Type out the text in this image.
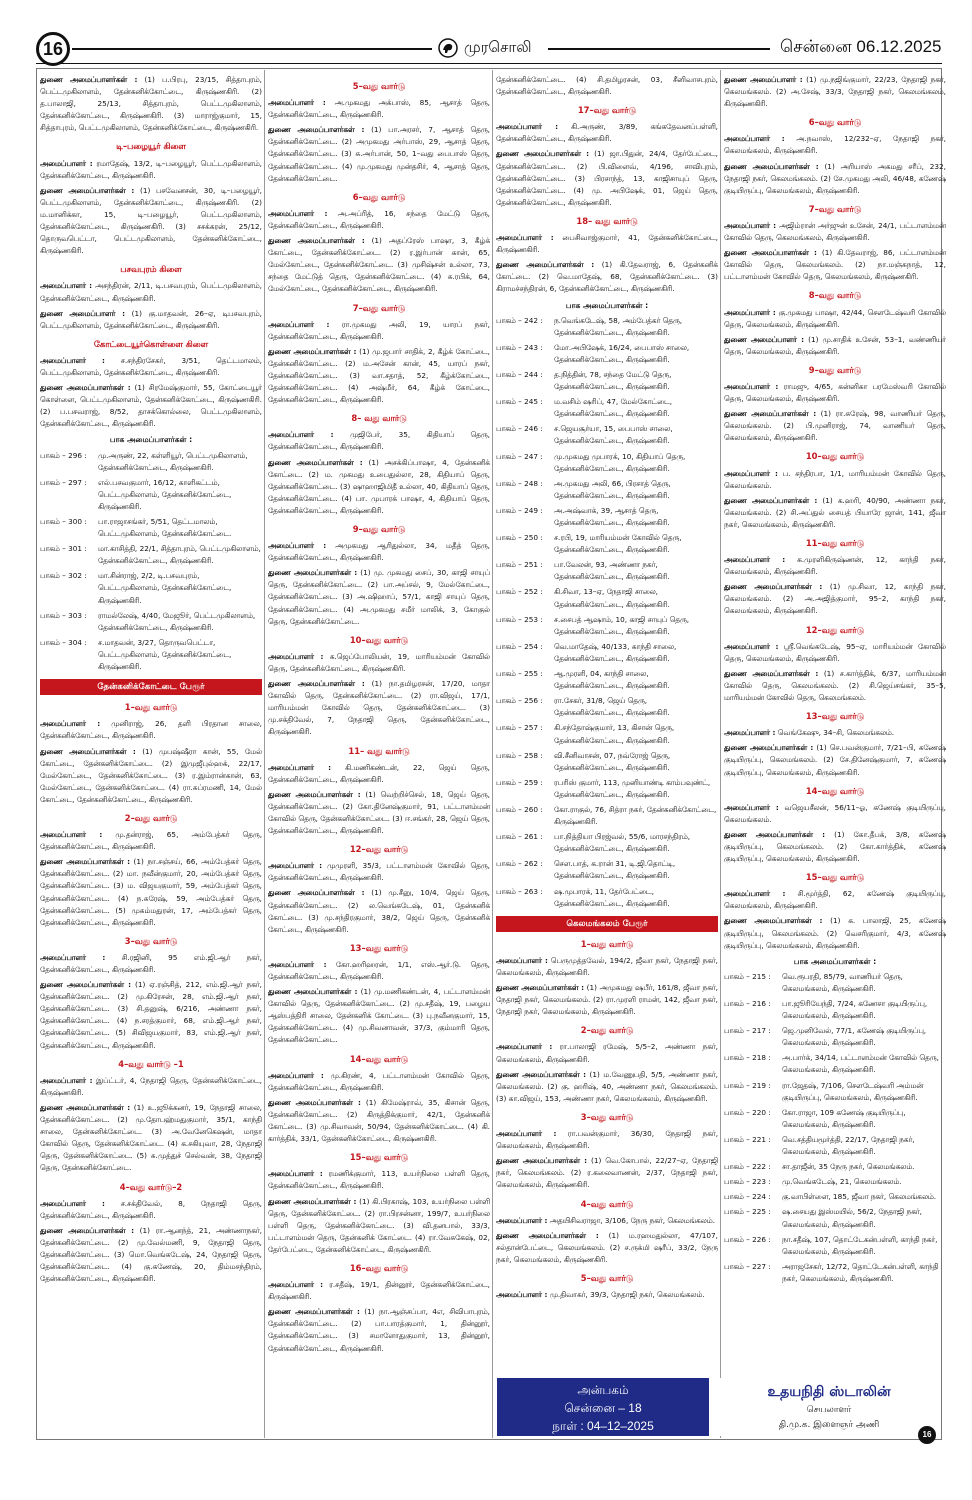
16	முரசொலி	சென்னை 06.12.2025
துணை அமைப்பாளர்கள் : (1) ப.பிரபு, 23/15, சித்தாபுரம், பெட்டமுகிலாளம், தேன்கனிக்கோட்டை, கிருஷ்ணகிரி. (2) த.பாலாஜி, 25/13, சித்தாபுரம், பெட்டமுகிலாளம், தேன்கனிக்கோட்டை, கிருஷ்ணகிரி. (3) மாராஜ்குமார், 15, சித்தாபுரம், பெட்டமுகிலாளம், தேன்கனிக்கோட்டை, கிருஷ்ணகிரி.
டி–பழையூர் கிளை
அமைப்பாளர் : ரமாதேஷ், 13/2, டி–பழையூர், பெட்டமுகிலாளம், தேன்கனிக்கோட்டை, கிருஷ்ணகிரி.
துணை அமைப்பாளர்கள் : (1) பசவேனசன், 30, டி–பழையூர், பெட்டமுகிலாளம், தேன்கனிக்கோட்டை, கிருஷ்ணகிரி. (2) ம.மானிக்கா, 15, டி–பழையூர், பெட்டமுகிலாளம், தேன்கனிக்கோட்டை, கிருஷ்ணகிரி. (3) சசக்கரன், 25/12, தொருவபெட்டா, பெட்டமுகிலாளம், தேன்கனிக்கோட்டை, கிருஷ்ணகிரி.
பசவபுரம் கிளை
அமைப்பாளர் : அசந்திரன், 2/11, டி.பசவபுரம், பெட்டமுகிலாளம், தேன்கனிக்கோட்டை, கிருஷ்ணகிரி.
துணை அமைப்பாளர் : (1) கு.மாதவன், 26–ஏ, டிபசவபுரம், பெட்டமுகிலாளம், தேன்கனிக்கோட்டை, கிருஷ்ணகிரி.
கோட்டையூர்கொள்ளை கிளை
அமைப்பாளர் : ச.சந்திரசேகர், 3/51, தெட்டமாலம், பெட்டமுகிலாளம், தேன்கனிக்கோட்டை, கிருஷ்ணகிரி.
துணை அமைப்பாளர்கள் : (1) சிரமேஷ்குமார், 55, கோட்டையூர் கொள்ளை, பெட்டமுகிலாளம், தேன்கனிக்கோட்டை, கிருஷ்ணகிரி. (2) ப.பசவராஜ், 8/52, தாசக்கொல்லை, பெட்டமுகிலாளம், தேன்கனிக்கோட்டை, கிருஷ்ணகிரி.
பாக அமைப்பாளர்கள் :
பாகம் – 296 :	மு.அருண், 22, கள்ளியூர், பெட்டமுகிலாளம், தேன்கனிக்கோட்டை, கிருஷ்ணகிரி.
பாகம் – 297 :	எல்.பசவகுமார், 16/12, காளிகட்டம், பெட்டமுகிலாளம், தேன்கனிக்கோட்டை, கிருஷ்ணகிரி.
பாகம் – 300 :	பா.ராஜாசங்கர், 5/51, தெட்டமாலம், பெட்டமுகிலாளம், தேன்கனிக்கோட்டை.
பாகம் – 301 :	மா.காசித்தி, 22/1, சித்தாபுரம், பெட்டமுகிலாளம், தேன்கனிக்கோட்டை, கிருஷ்ணகிரி.
பாகம் – 302 :	மா.சின்ராஜ், 2/2, டி.பசவபுரம், பெட்டமுகிலாளம், தேன்கனிக்கோட்டை, கிருஷ்ணகிரி.
பாகம் – 303 :	ராமல்லேஷ், 4/40, மேஜூர், பெட்டமுகிலாளம், தேன்கனிக்கோட்டை, கிருஷ்ணகிரி.
பாகம் – 304 :	ச.மாதவன், 3/27, தொருவபெட்டா, பெட்டமுகிலாளம், தேன்கனிக்கோட்டை, கிருஷ்ணகிரி.
தேன்கனிக்கோட்டை பேரூர்
1–வது வார்டு
அமைப்பாளர் : முனிராஜ், 26, தளி பிரதான சாலை, தேன்கனிக்கோட்டை, கிருஷ்ணகிரி.
துணை அமைப்பாளர்கள் : (1) முபஷ்ஷீரா கான், 55, மேல் கோட்டை, தேன்கனிக்கோட்டை. (2) இமுஜீபுல்ஹக், 22/17, மேல்கோட்டை, தேன்கனிக்கோட்டை. (3) ர.இம்ரான்கான், 63, மேல்கோட்டை, தேன்கனிக்கோட்டை. (4) ரா.சுப்ரமணி, 14, மேல் கோட்டை, தேன்கனிக்கோட்டை, கிருஷ்ணகிரி.
2–வது வார்டு
அமைப்பாளர் : மு.தன்ராஜ், 65, அம்பேத்கர் தெரு, தேன்கனிக்கோட்டை, கிருஷ்ணகிரி.
துணை அமைப்பாளர்கள் : (1) நா.சஞ்சய், 66, அம்பேத்கர் தெரு, தேன்கனிக்கோட்டை. (2) மா. நவீன்குமார், 20, அம்பேத்கர் தெரு, தேன்கனிக்கோட்டை. (3) ம. விஜயகுமார், 59, அம்பேத்கர் தெரு, தேன்கனிக்கோட்டை. (4) ந.சுரேஷ், 59, அம்பேத்கர் தெரு, தேன்கனிக்கோட்டை. (5) முகம்மதுரன், 17, அம்பேத்கர் தெரு, தேன்கனிக்கோட்டை, கிருஷ்ணகிரி.
3–வது வார்டு
அமைப்பாளர் : சி.ரஜினி, 95 எம்.ஜி.ஆர் நகர், தேன்கனிக்கோட்டை, கிருஷ்ணகிரி.
துணை அமைப்பாளர்கள் : (1) ஏ.ரஞ்சித், 212, எம்.ஜி.ஆர் நகர், தேன்கனிக்கோட்டை. (2) மு.கிரேசன், 28, எம்.ஜி.ஆர் நகர், தேன்கனிக்கோட்டை. (3) சி.தனுஷ், 6/216, அண்ணா நகர், தேன்கனிக்கோட்டை. (4) ந.சரத்குமார், 68, எம்.ஜி.ஆர் நகர், தேன்கனிக்கோட்டை. (5) சிவிஜயகுமார், 83, எம்.ஜி.ஆர் நகர், தேன்கனிக்கோட்டை, கிருஷ்ணகிரி.
4–வது வார்டு –1
அமைப்பாளர் : இப்ட்டர், 4, நேதாஜி தெரு, தேன்கனிக்கோட்டை, கிருஷ்ணகிரி.
துணை அமைப்பாளர்கள் : (1) உ.ஜூக்கனர், 19, நேதாஜி சாலை, தேன்கனிக்கோட்டை. (2) மு.தோபஹ்மதுகுமார், 35/1, காந்தி சாலை, தேன்கனிக்கோட்டை. (3) அ.வேனேகெஷன், மாதா கோவில் தெரு, தேன்கனிக்கோட்டை. (4) க.சகியுவா, 28, நேதாஜி தெரு, தேன்கனிக்கோட்டை. (5) சு.முத்துச் செல்வன், 38, நேதாஜி தெரு, தேன்கனிக்கோட்டை.
4–வது வார்டு–2
அமைப்பாளர் : ச.சக்திவேல், 8, நேதாஜி தெரு, தேன்கனிக்கோட்டை, கிருஷ்ணகிரி.
துணை அமைப்பாளர்கள் : (1) ரா.ஆனந்த், 21, அண்ணாநகர், தேன்கனிக்கோட்டை. (2) மு.வேல்மணி, 9, நேதாஜி தெரு, தேன்கனிக்கோட்டை. (3) மொ.வெங்கடேஷ், 24, நேதாஜி தெரு, தேன்கனிக்கோட்டை. (4) கு.கணேஷ், 20, திம்மசந்திரம், தேன்கனிக்கோட்டை, கிருஷ்ணகிரி.
5–வது வார்டு
அமைப்பாளர் : அ.முகமது அக்பாஸ், 85, ஆசாத் தெரு, தேன்கனிக்கோட்டை, கிருஷ்ணகிரி.
துணை அமைப்பாளர்கள் : (1) பா.அரசர், 7, ஆசாத் தெரு, தேன்கனிக்கோட்டை. (2) அமுகமது அர்பாஸ், 29, ஆசாத் தெரு, தேன்கனிக்கோட்டை. (3) சு.அர்பான், 50, 1–வது பைபாஸ் தெரு, தேன்கனிக்கோட்டை. (4) மு.முகமது முன்தசிர், 4, ஆசாத் தெரு, தேன்கனிக்கோட்டை.
6–வது வார்டு
அமைப்பாளர் : அ.அப்ரித், 16, சந்தை மேட்டு தெரு, தேன்கனிக்கோட்டை, கிருஷ்ணகிரி.
துணை அமைப்பாளர்கள் : (1) அதப்ரேஸ் பாஷா, 3, கீழ்க் கோட்டை, தேன்கனிக்கோட்டை. (2) ர.இர்பான் கான், 65, மேல்கோட்டை, தேன்கனிக்கோட்டை. (3) முசிஷ்சன் உல்லா, 73, சந்தை மேட்டுத் தெரு, தேன்கனிக்கோட்டை. (4) சு.ரபிக், 64, மேல்கோட்டை, தேன்கனிக்கோட்டை, கிருஷ்ணகிரி.
7–வது வார்டு
அமைப்பாளர் : ரா.முகமது அலி, 19, யாரப் நகர், தேன்கனிக்கோட்டை, கிருஷ்ணகிரி.
துணை அமைப்பாளர்கள் : (1) மு.ஜபார் சாதிக், 2, கீழ்க் கோட்டை, தேன்கனிக்கோட்டை. (2) ம.அசேன் கான், 45, யாரப் நகர், தேன்கனிக்கோட்டை. (3) வா.சதாத், 52, கீழ்க்கோட்டை, தேன்கனிக்கோட்டை. (4) அஷ்மீர், 64, கீழ்க் கோட்டை, தேன்கனிக்கோட்டை, கிருஷ்ணகிரி.
8– வது வார்டு
அமைப்பாளர் : முஜிபேர், 35, கிதியாப் தெரு, தேன்கனிக்கோட்டை, கிருஷ்ணகிரி.
துணை அமைப்பாளர்கள் : (1) அசக்கிப்பாஷா, 4, தேன்கனிக் கோட்டை. (2) ம. முகமது உபைதுல்லா, 28, கிதியாப் தெரு, தேன்கனிக்கோட்டை. (3) ஷாஹாஜிமிதீ உல்லா, 40, கிதியாப் தெரு, தேன்கனிக்கோட்டை. (4) பா. முபாரக் பாஷா, 4, கிதியாப் தெரு, தேன்கனிக்கோட்டை, கிருஷ்ணகிரி.
9–வது வார்டு
அமைப்பாளர் : அமுகமது ஆரிதுல்லா, 34, மதீத் தெரு, தேன்கனிக்கோட்டை, கிருஷ்ணகிரி.
துணை அமைப்பாளர்கள் : (1) மு. முகமது சைப், 30, காஜி சாயுப் தெரு, தேன்கனிக்கோட்டை. (2) பா.அப்சல், 9, மேல்கோட்டை, தேன்கனிக்கோட்டை. (3) அ.ஷிஹாப், 57/1, காஜி சாயுப் தெரு, தேன்கனிக்கோட்டை. (4) அ.முகமது சமீர் மாலிக், 3, கோகுல் தெரு, தேன்கனிக்கோட்டை.
10–வது வார்டு
அமைப்பாளர் : க.ஜெப்போலியன், 19, மாரியம்மன் கோவில் தெரு, தேன்கனிக்கோட்டை, கிருஷ்ணகிரி.
துணை அமைப்பாளர்கள் : (1) நா.தமிழரசன், 17/20, மாதா கோவில் தெரு, தேன்கனிக்கோட்டை. (2) ரா.விஜய், 17/1, மாரியம்மன் கோவில் தெரு, தேன்கனிக்கோட்டை. (3) மு.சக்திவேல், 7, நேதாஜி தெரு, தேன்கனிக்கோட்டை, கிருஷ்ணகிரி.
11– வது வார்டு
அமைப்பாளர் : கி.மணிகண்டன், 22, ஜெய் தெரு, தேன்கனிக்கோட்டை, கிருஷ்ணகிரி.
துணை அமைப்பாளர்கள் : (1) வெற்றிச்செல், 18, ஜெய் தெரு, தேன்கனிக்கோட்டை. (2) கோ.தினேஷ்குமார், 91, பட்டாளம்மன் கோவில் தெரு, தேன்கனிக்கோட்டை. (3) ஈ.சங்கர், 28, ஜெய் தெரு, தேன்கனிக்கோட்டை, கிருஷ்ணகிரி.
12–வது வார்டு
அமைப்பாளர் : முமுரளி, 35/3, பட்டாளம்மன் கோவில் தெரு, தேன்கனிக்கோட்டை, கிருஷ்ணகிரி.
துணை அமைப்பாளர்கள் : (1) மு.சீனு, 10/4, ஜெய் தெரு, தேன்கனிக்கோட்டை. (2) ல.வெங்கடேஷ், 01, தேன்கனிக் கோட்டை. (3) மு.சந்திரகுமார், 38/2, ஜெய் தெரு, தேன்கனிக் கோட்டை, கிருஷ்ணகிரி.
13–வது வார்டு
அமைப்பாளர் : கோ.ஹரிஹரன், 1/1, எஸ்.ஆர்.டு. தெரு, தேன்கனிக்கோட்டை, கிருஷ்ணகிரி.
துணை அமைப்பாளர்கள் : (1) மு.மணிகண்டன், 4, பட்டாளம்மன் கோவில் தெரு, தேன்கனிக்கோட்டை. (2) மு.சதீஷ், 19, பழைய ஆஸ்பத்திரி சாலை, தேன்கனிக் கோட்டை. (3) பு.நவீனகுமார், 15, தேன்கனிக்கோட்டை. (4) மு.சிவனாவன், 37/3, கும்மாரி தெரு, தேன்கனிக்கோட்டை.
14–வது வார்டு
அமைப்பாளர் : மு.கிரண், 4, பட்டாளம்மன் கோவில் தெரு, தேன்கனிக்கோட்டை, கிருஷ்ணகிரி.
துணை அமைப்பாளர்கள் : (1) கிமேஷ்ராவ், 35, கிசான் தெரு, தேன்கனிக்கோட்டை. (2) கிருத்திக்குமார், 42/1, தேன்கனிக் கோட்டை. (3) மு.சிவாவன், 50/94, தேன்கனிக்கோட்டை. (4) கி. கார்த்திக், 33/1, தேன்கனிக்கோட்டை, கிருஷ்ணகிரி.
15–வது வார்டு
அமைப்பாளர் : ரமணிக்குமார், 113, உயர்நிலை பள்ளி தெரு, தேன்கனிக்கோட்டை, கிருஷ்ணகிரி.
துணை அமைப்பாளர்கள் : (1) கி.பிரகாஷ், 103, உயர்நிலை பள்ளி தெரு, தேன்கனிக்கோட்டை. (2) ரா.பிரசன்னா, 199/7, உயர்நிலை பள்ளி தெரு, தேன்கனிக்கோட்டை. (3) வி.தனபால், 33/3, பட்டாளம்மன் தெரு, தேன்கனிக் கோட்டை. (4) ரா.வேசுகேஷ், 02, தேர்பேட்டை, தேன்கனிக்கோட்டை, கிருஷ்ணகிரி.
16–வது வார்டு
அமைப்பாளர் : ர.சதீஷ், 19/1, தின்னூர், தேன்கனிக்கோட்டை, கிருஷ்ணகிரி.
துணை அமைப்பாளர்கள் : (1) நா.ஆஞ்சப்பா, 4எ, சிவிபாபுரம், தேன்கனிக்கோட்டை. (2) பா.பாரத்குமார், 1, தின்னூர், தேன்கனிக்கோட்டை. (3) சமாளோதுகுமார், 13, தின்னூர், தேன்கனிக்கோட்டை, கிருஷ்ணகிரி.
தேன்கனிக்கோட்டை. (4) சி.தமிழரசன், 03, சீனிவாசபுரம், தேன்கனிக்கோட்டை, கிருஷ்ணகிரி.
17–வது வார்டு
அமைப்பாளர் : கி.அருண், 3/89, கங்கதேவனப்பள்ளி, தேன்கனிக்கோட்டை, கிருஷ்ணகிரி.
துணை அமைப்பாளர்கள் : (1) ஜா.பிதுன், 24/4, தேர்பேட்டை, தேன்கனிக்கோட்டை. (2) பி.விளைவ், 4/196, சாவிபுரம், தேன்கனிக்கோட்டை. (3) பிரசாந்த், 13, காஜிசாயுப் தெரு, தேன்கனிக்கோட்டை. (4) மு. அபிஷேக், 01, ஜெய் தெரு, தேன்கனிக்கோட்டை, கிருஷ்ணகிரி.
18– வது வார்டு
அமைப்பாளர் : பைசிவாஜ்குமார், 41, தேன்கனிக்கோட்டை, கிருஷ்ணகிரி.
துணை அமைப்பாளர்கள் : (1) கி.தேவராஜ், 6, தேன்கனிக் கோட்டை. (2) வெ.மாதேஷ், 68, தேன்கனிக்கோட்டை. (3) கிராமச்சந்திரன், 6, தேன்கனிக்கோட்டை, கிருஷ்ணகிரி.
பாக அமைப்பாளர்கள் :
பாகம் – 242 :	ந.வெங்கடேஷ், 58, அம்பேத்கர் தெரு, தேன்கனிக்கோட்டை, கிருஷ்ணகிரி.
பாகம் – 243 :	மோ.அபிஷேக், 16/24, பைபாஸ் சாலை, தேன்கனிக்கோட்டை, கிருஷ்ணகிரி.
பாகம் – 244 :	த.நித்தின், 78, சந்தை மேட்டு தெரு, தேன்கனிக்கோட்டை, கிருஷ்ணகிரி.
பாகம் – 245 :	ம.வசிம் ஷரிப், 47, மேல்கோட்டை, தேன்கனிக்கோட்டை, கிருஷ்ணகிரி.
பாகம் – 246 :	ச.ஜெயசூர்யா, 15, பைபாஸ் சாலை, தேன்கனிக்கோட்டை, கிருஷ்ணகிரி.
பாகம் – 247 :	மு.முகமது முபாரக், 10, கிதியாப் தெரு, தேன்கனிக்கோட்டை, கிருஷ்ணகிரி.
பாகம் – 248 :	அ.முகமது அலி, 66, பிரசாத் தெரு, தேன்கனிக்கோட்டை, கிருஷ்ணகிரி.
பாகம் – 249 :	அ.அஷ்வாக், 39, ஆசாத் தெரு, தேன்கனிக்கோட்டை, கிருஷ்ணகிரி.
பாகம் – 250 :	ச.ரபி, 19, மாரியம்மன் கோவில் தெரு, தேன்கனிக்கோட்டை, கிருஷ்ணகிரி.
பாகம் – 251 :	பா.வேலன், 93, அண்ணா நகர், தேன்கனிக்கோட்டை, கிருஷ்ணகிரி.
பாகம் – 252 :	கி.சிவா, 13–ஏ, நேதாஜி சாலை, தேன்கனிக்கோட்டை, கிருஷ்ணகிரி.
பாகம் – 253 :	ச.சைபத் ஆஷாம், 10, காஜி சாயுப் தெரு, தேன்கனிக்கோட்டை, கிருஷ்ணகிரி.
பாகம் – 254 :	வெ.மாதேஷ், 40/133, காந்தி சாலை, தேன்கனிக்கோட்டை, கிருஷ்ணகிரி.
பாகம் – 255 :	ஆ.முரளி, 04, காந்தி சாலை, தேன்கனிக்கோட்டை, கிருஷ்ணகிரி.
பாகம் – 256 :	ரா.சேகர், 31/8, ஜெய் தெரு, தேன்கனிக்கோட்டை, கிருஷ்ணகிரி.
பாகம் – 257 :	கி.சந்தோஷ்குமார், 13, கிசான் தெரு, தேன்கனிக்கோட்டை, கிருஷ்ணகிரி.
பாகம் – 258 :	வி.சீனிவாசன், 07, நவ்ரோஜ் தெரு, தேன்கனிக்கோட்டை, கிருஷ்ணகிரி.
பாகம் – 259 :	ரபரிஸ் குமார், 113, முனியாண்டி காம்பவுண்ட், தேன்கனிக்கோட்டை, கிருஷ்ணகிரி.
பாகம் – 260 :	கோ.ராகுல், 76, சித்ரா நகர், தேன்கனிக்கோட்டை, கிருஷ்ணகிரி.
பாகம் – 261 :	பா.நித்தியா பிரஜ்வல், 55/6, மாரசந்திரம், தேன்கனிக்கோட்டை, கிருஷ்ணகிரி.
பாகம் – 262 :	சௌ.பாத், க.ரான் 31, டி.ஜி.தொட்டி, தேன்கனிக்கோட்டை, கிருஷ்ணகிரி.
பாகம் – 263 :	ஷ.முபாரக், 11, தேர்பேட்டை, தேன்கனிக்கோட்டை, கிருஷ்ணகிரி.
கெலமங்கலம் பேரூர்
1–வது வார்டு
அமைப்பாளர் : பெருமுத்தவேல், 194/2, ஜீவா நகர், நேதாஜி நகர், கெலமங்கலம், கிருஷ்ணகிரி.
துணை அமைப்பாளர்கள் : (1) அமுகமது ஷபீர், 161/8, ஜீவா நகர், நேதாஜி நகர், கெலமங்கலம். (2) ரா.முரளி ராமன், 142, ஜீவா நகர், நேதாஜி நகர், கெலமங்கலம், கிருஷ்ணகிரி.
2–வது வார்டு
அமைப்பாளர் : ரா.பாலாஜி ரமேஷ், 5/5–2, அண்ணா நகர், கெலமங்கலம், கிருஷ்ணகிரி.
துணை அமைப்பாளர்கள் : (1) ம.வேணுபதி, 5/5, அண்ணா நகர், கெலமங்கலம். (2) கு. ஹரிஷ், 40, அண்ணா நகர், கெலமங்கலம். (3) கா.விஜய், 153, அண்ணா நகர், கெலமங்கலம், கிருஷ்ணகிரி.
3–வது வார்டு
அமைப்பாளர் : ரா.பவன்குமார், 36/30, நேதாஜி நகர், கெலமங்கலம், கிருஷ்ணகிரி.
துணை அமைப்பாளர்கள் : (1) வெ.கோபால், 22/27–ஏ, நேதாஜி நகர், கெலமங்கலம். (2) ர.கலைவாணன், 2/37, நேதாஜி நகர், கெலமங்கலம், கிருஷ்ணகிரி.
4–வது வார்டு
அமைப்பாளர் : அதயிசிவராஜா, 3/106, நேரு நகர், கெலமங்கலம்.
துணை அமைப்பாளர்கள் : (1) ம.ரஹமதுல்லா, 47/107, சல்தான்பேட்டை, கெலமங்கலம். (2) ச.ருக்மி ஷரீப், 33/2, நேரு நகர், கெலமங்கலம், கிருஷ்ணகிரி.
5–வது வார்டு
அமைப்பாளர் : மு.திவாகர், 39/3, நேதாஜி நகர், கெலமங்கலம்.
துணை அமைப்பாளர் : (1) மு.நஜிங்குமார், 22/23, நேதாஜி நகர், கெலமங்கலம். (2) அ.சேஷ், 33/3, நேதாஜி நகர், கெலமங்கலம், கிருஷ்ணகிரி.
6–வது வார்டு
அமைப்பாளர் : அ.நவாஸ், 12/232–ஏ, நேதாஜி நகர், கெலமங்கலம், கிருஷ்ணகிரி.
துணை அமைப்பாளர்கள் : (1) அரியாஸ் அகமது சரீப், 232, நேதாஜி நகர், கெலமங்கலம். (2) சே.முகமது அலி, 46/48, கணேஷ் குடியிருப்பு, கெலமங்கலம், கிருஷ்ணகிரி.
7–வது வார்டு
அமைப்பாளர் : அஜிம்ரான் அர்ஜுன் உசேன், 24/1, பட்டாளம்மன் கோவில் தெரு, கெலமங்கலம், கிருஷ்ணகிரி.
துணை அமைப்பாளர்கள் : (1) கி.தேவராஜ், 86, பட்டாளம்மன் கோவில் தெரு, கெலமங்கலம். (2) நா.மஞ்சுநாத், 12, பட்டாளம்மன் கோவில் தெரு, கெலமங்கலம், கிருஷ்ணகிரி.
8–வது வார்டு
அமைப்பாளர் : கு.முகமது பாஷா, 42/44, சௌடேஷ்வரி கோவில் தெரு, கெலமங்கலம், கிருஷ்ணகிரி.
துணை அமைப்பாளர் : (1) மு.சாதிக் உசேன், 53–1, வண்ணியர் தெரு, கெலமங்கலம், கிருஷ்ணகிரி.
9–வது வார்டு
அமைப்பாளர் : ராமஜு, 4/65, கன்னிகா பரமேஸ்வரி கோவில் தெரு, கெலமங்கலம், கிருஷ்ணகிரி.
துணை அமைப்பாளர்கள் : (1) ரா.சுரேஷ், 98, வாணியர் தெரு, கெலமங்கலம். (2) பி.முனிராஜ், 74, வாணியர் தெரு, கெலமங்கலம், கிருஷ்ணகிரி.
10–வது வார்டு
அமைப்பாளர் : ப. சந்திரபா, 1/1, மாரியம்மன் கோவில் தெரு, கெலமங்கலம்.
துணை அமைப்பாளர்கள் : (1) க.ஹரி, 40/90, அண்ணா நகர், கெலமங்கலம். (2) சி.அப்துல் சையத் பியாரே ஜான், 141, ஜீவா நகர், கெலமங்கலம், கிருஷ்ணகிரி.
11–வது வார்டு
அமைப்பாளர் : க.முரளிகிருஷ்ணன், 12, காந்தி நகர், கெலமங்கலம், கிருஷ்ணகிரி.
துணை அமைப்பாளர்கள் : (1) மு.சிவா, 12, காந்தி நகர், கெலமங்கலம். (2) அ.அஜித்குமார், 95–2, காந்தி நகர், கெலமங்கலம், கிருஷ்ணகிரி.
12–வது வார்டு
அமைப்பாளர் : ஸ்ரீ.வெங்கடேஷ், 95–ஏ, மாரியம்மன் கோவில் தெரு, கெலமங்கலம், கிருஷ்ணகிரி.
துணை அமைப்பாளர்கள் : (1) ச.கார்த்திக், 6/37, மாரியம்மன் கோவில் தெரு, கெலமங்கலம். (2) சி.ஜெய்சங்கர், 35–5, மாரியம்மன் கோவில் தெரு, கெலமங்கலம்.
13–வது வார்டு
அமைப்பாளர் : வெங்கேஷு, 34–சி, கெலமங்கலம்.
துணை அமைப்பாளர்கள் : (1) செ.பவன்குமார், 7/21–பி, கணேஷ் குடியிருப்பு, கெலமங்கலம். (2) சே.தினேஷ்குமார், 7, கணேஷ் குடியிருப்பு, கெலமங்கலம், கிருஷ்ணகிரி.
14–வது வார்டு
அமைப்பாளர் : வஜெயசீலன், 56/11–ஓ, கணேஷ் குடியிருப்பு, கெலமங்கலம்.
துணை அமைப்பாளர்கள் : (1) கோ.தீபக், 3/8, கணேஷ் குடியிருப்பு, கெலமங்கலம். (2) கோ.கார்த்திக், கணேஷ் குடியிருப்பு, கெலமங்கலம், கிருஷ்ணகிரி.
15–வது வார்டு
அமைப்பாளர் : சி.மூர்த்தி, 62, கணேஷ் குடியிருப்பு, கெலமங்கலம், கிருஷ்ணகிரி.
துணை அமைப்பாளர்கள் : (1) க. பாலாஜி, 25, கணேஷ் குடியிருப்பு, கெலமங்கலம். (2) வெசரிகுமார், 4/3, கணேஷ் குடியிருப்பு, கெலமங்கலம், கிருஷ்ணகிரி.
பாக அமைப்பாளர்கள் :
பாகம் – 215 :	வெ.ரூபரதி, 85/79, வாணியர் தெரு, கெலமங்கலம், கிருஷ்ணகிரி.
பாகம் – 216 :	பா.ஜூரியேந்தி, 7/24, கணேசா குடியிருப்பு, கெலமங்கலம், கிருஷ்ணகிரி.
பாகம் – 217 :	ஜெ.முனிவேல், 77/1, கணேஷ் குடியிருப்பு, கெலமங்கலம், கிருஷ்ணகிரி.
பாகம் – 218 :	அ.பார்க், 34/14, பட்டாளம்மன் கோவில் தெரு, கெலமங்கலம், கிருஷ்ணகிரி.
பாகம் – 219 :	ரா.ஜேதஷ், 7/106, சௌடேஷ்வரி அம்மன் குடியிருப்பு, கெலமங்கலம், கிருஷ்ணகிரி.
பாகம் – 220 :	கோ.ராஜா, 109 கணேஷ் குடியிருப்பு, கெலமங்கலம், கிருஷ்ணகிரி.
பாகம் – 221 :	வெ.சத்தியமூர்த்தி, 22/17, நேதாஜி நகர், கெலமங்கலம், கிருஷ்ணகிரி.
பாகம் – 222 :	சா.தாஜீன், 35 நேரு நகர், கெலமங்கலம்.
பாகம் – 223 :	மு.வெங்கடேஷ், 21, கெலமங்கலம்.
பாகம் – 224 :	கு.வாபிள்ளை, 185, ஜீவா நகர், கெலமங்கலம்.
பாகம் – 225 :	ஷ.சையது இஸ்மயில், 56/2, நேதாஜி நகர், கெலமங்கலம், கிருஷ்ணகிரி.
பாகம் – 226 :	நா.சதீஷ், 107, தொட்டேகன்பள்ளி, காந்தி நகர், கெலமங்கலம், கிருஷ்ணகிரி.
பாகம் – 227 :	அராஜசேகர், 12/72, தொட்டேகன்பள்ளி, காந்தி நகர், கெலமங்கலம், கிருஷ்ணகிரி.
அன்பகம்
சென்னை – 18
நாள் : 04–12–2025
உதயநிதி ஸ்டாலின்
செயலாளர்
தி.மு.க. இளைஞர் அணி
16
